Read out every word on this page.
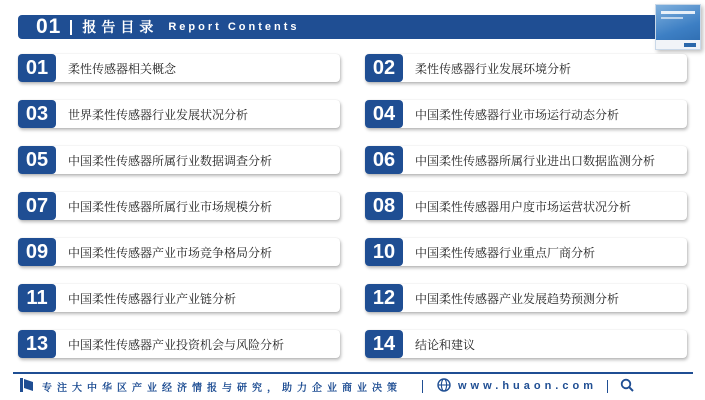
01 报告目录 Report Contents
01	柔性传感器相关概念	02	柔性传感器行业发展环境分析
03	世界柔性传感器行业发展状况分析	04	中国柔性传感器行业市场运行动态分析
05	中国柔性传感器所属行业数据调查分析	06	中国柔性传感器所属行业进出口数据监测分析
07	中国柔性传感器所属行业市场规模分析	08	中国柔性传感器用户度市场运营状况分析
09	中国柔性传感器产业市场竞争格局分析	10	中国柔性传感器行业重点厂商分析
11	中国柔性传感器行业产业链分析	12	中国柔性传感器产业发展趋势预测分析
13	中国柔性传感器产业投资机会与风险分析	14	结论和建议
专注大中华区产业经济情报与研究，助力企业商业决策	www.huaon.com
